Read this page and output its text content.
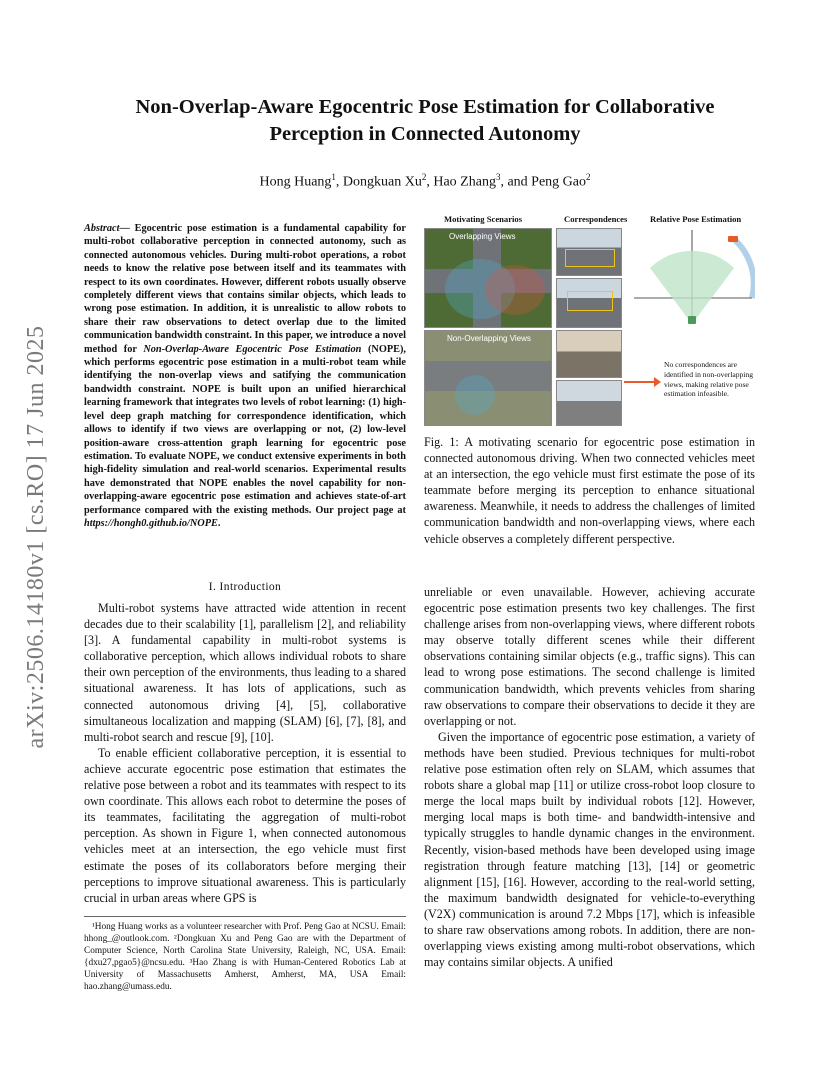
arXiv:2506.14180v1 [cs.RO] 17 Jun 2025
Non-Overlap-Aware Egocentric Pose Estimation for Collaborative
Perception in Connected Autonomy
Hong Huang$^1$, Dongkuan Xu$^2$, Hao Zhang$^3$, and Peng Gao$^2$
Abstract— Egocentric pose estimation is a fundamental capability for multi-robot collaborative perception in connected autonomy, such as connected autonomous vehicles. During multi-robot operations, a robot needs to know the relative pose between itself and its teammates with respect to its own coordinates. However, different robots usually observe completely different views that contains similar objects, which leads to wrong pose estimation. In addition, it is unrealistic to allow robots to share their raw observations to detect overlap due to the limited communication bandwidth constraint. In this paper, we introduce a novel method for Non-Overlap-Aware Egocentric Pose Estimation (NOPE), which performs egocentric pose estimation in a multi-robot team while identifying the non-overlap views and satifying the communication bandwidth constraint. NOPE is built upon an unified hierarchical learning framework that integrates two levels of robot learning: (1) high-level deep graph matching for correspondence identification, which allows to identify if two views are overlapping or not, (2) low-level position-aware cross-attention graph learning for egocentric pose estimation. To evaluate NOPE, we conduct extensive experiments in both high-fidelity simulation and real-world scenarios. Experimental results have demonstrated that NOPE enables the novel capability for non-overlapping-aware egocentric pose estimation and achieves state-of-art performance compared with the existing methods. Our project page at https://hongh0.github.io/NOPE.
I. Introduction

Multi-robot systems have attracted wide attention in recent decades due to their scalability [1], parallelism [2], and reliability [3]. A fundamental capability in multi-robot systems is collaborative perception, which allows individual robots to share their own perception of the environments, thus leading to a shared situational awareness. It has lots of applications, such as connected autonomous driving [4], [5], collaborative simultaneous localization and mapping (SLAM) [6], [7], [8], and multi-robot search and rescue [9], [10].

To enable efficient collaborative perception, it is essential to achieve accurate egocentric pose estimation that estimates the relative pose between a robot and its teammates with respect to its own coordinate. This allows each robot to determine the poses of its teammates, facilitating the aggregation of multi-robot perception. As shown in Figure 1, when connected autonomous vehicles meet at an intersection, the ego vehicle must first estimate the poses of its collaborators before merging their perceptions to improve situational awareness. This is particularly crucial in urban areas where GPS is

¹Hong Huang works as a volunteer researcher with Prof. Peng Gao at NCSU. Email: hhong_@outlook.com. ²Dongkuan Xu and Peng Gao are with the Department of Computer Science, North Carolina State University, Raleigh, NC, USA. Email:{dxu27,pgao5}@ncsu.edu. ³Hao Zhang is with Human-Centered Robotics Lab at University of Massachusetts Amherst, Amherst, MA, USA Email: hao.zhang@umass.edu.

Motivating Scenarios	Correspondences	Relative Pose Estimation
Overlapping Views
Non-Overlapping Views
No correspondences are identified in non-overlapping views, making relative pose estimation infeasible.
Fig. 1: A motivating scenario for egocentric pose estimation in connected autonomous driving. When two connected vehicles meet at an intersection, the ego vehicle must first estimate the pose of its teammate before merging its perception to enhance situational awareness. Meanwhile, it needs to address the challenges of limited communication bandwidth and non-overlapping views, where each vehicle observes a completely different perspective.

unreliable or even unavailable. However, achieving accurate egocentric pose estimation presents two key challenges. The first challenge arises from non-overlapping views, where different robots may observe totally different scenes while their different observations containing similar objects (e.g., traffic signs). This can lead to wrong pose estimations. The second challenge is limited communication bandwidth, which prevents vehicles from sharing raw observations to compare their observations to decide it they are overlapping or not.

Given the importance of egocentric pose estimation, a variety of methods have been studied. Previous techniques for multi-robot relative pose estimation often rely on SLAM, which assumes that robots share a global map [11] or utilize cross-robot loop closure to merge the local maps built by individual robots [12]. However, merging local maps is both time- and bandwidth-intensive and typically struggles to handle dynamic changes in the environment. Recently, vision-based methods have been developed using image registration through feature matching [13], [14] or geometric alignment [15], [16]. However, according to the real-world setting, the maximum bandwidth designated for vehicle-to-everything (V2X) communication is around 7.2 Mbps [17], which is infeasible to share raw observations among robots. In addition, there are non-overlapping views existing among multi-robot observations, which may contains similar objects. A unified
